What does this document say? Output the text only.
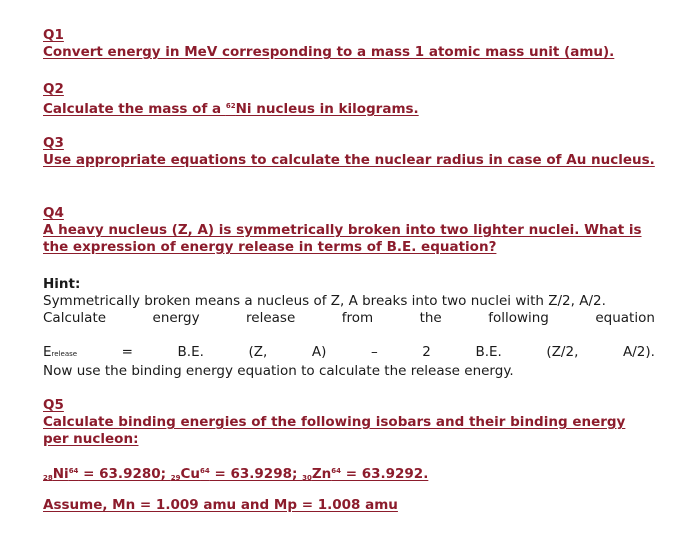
Q1
Convert energy in MeV corresponding to a mass 1 atomic mass unit (amu).
Q2
Calculate the mass of a $^{62}$Ni nucleus in kilograms.
Q3
Use appropriate equations to calculate the nuclear radius in case of Au nucleus.
Q4
A heavy nucleus (Z, A) is symmetrically broken into two lighter nuclei. What is the expression of energy release in terms of B.E. equation?
Hint:
Symmetrically broken means a nucleus of Z, A breaks into two nuclei with Z/2, A/2.
Calculate	energy	release	from	the	following	equation
Erelease	=	B.E.	(Z,	A)	–	2	B.E.	(Z/2,	A/2).
Now use the binding energy equation to calculate the release energy.
Q5
Calculate binding energies of the following isobars and their binding energy per nucleon:
$_{28}Ni^{64} = 63.9280$; $_{29}Cu^{64} = 63.9298$; $_{30}Zn^{64} = 63.9292$.
Assume, Mn = 1.009 amu and Mp = 1.008 amu
